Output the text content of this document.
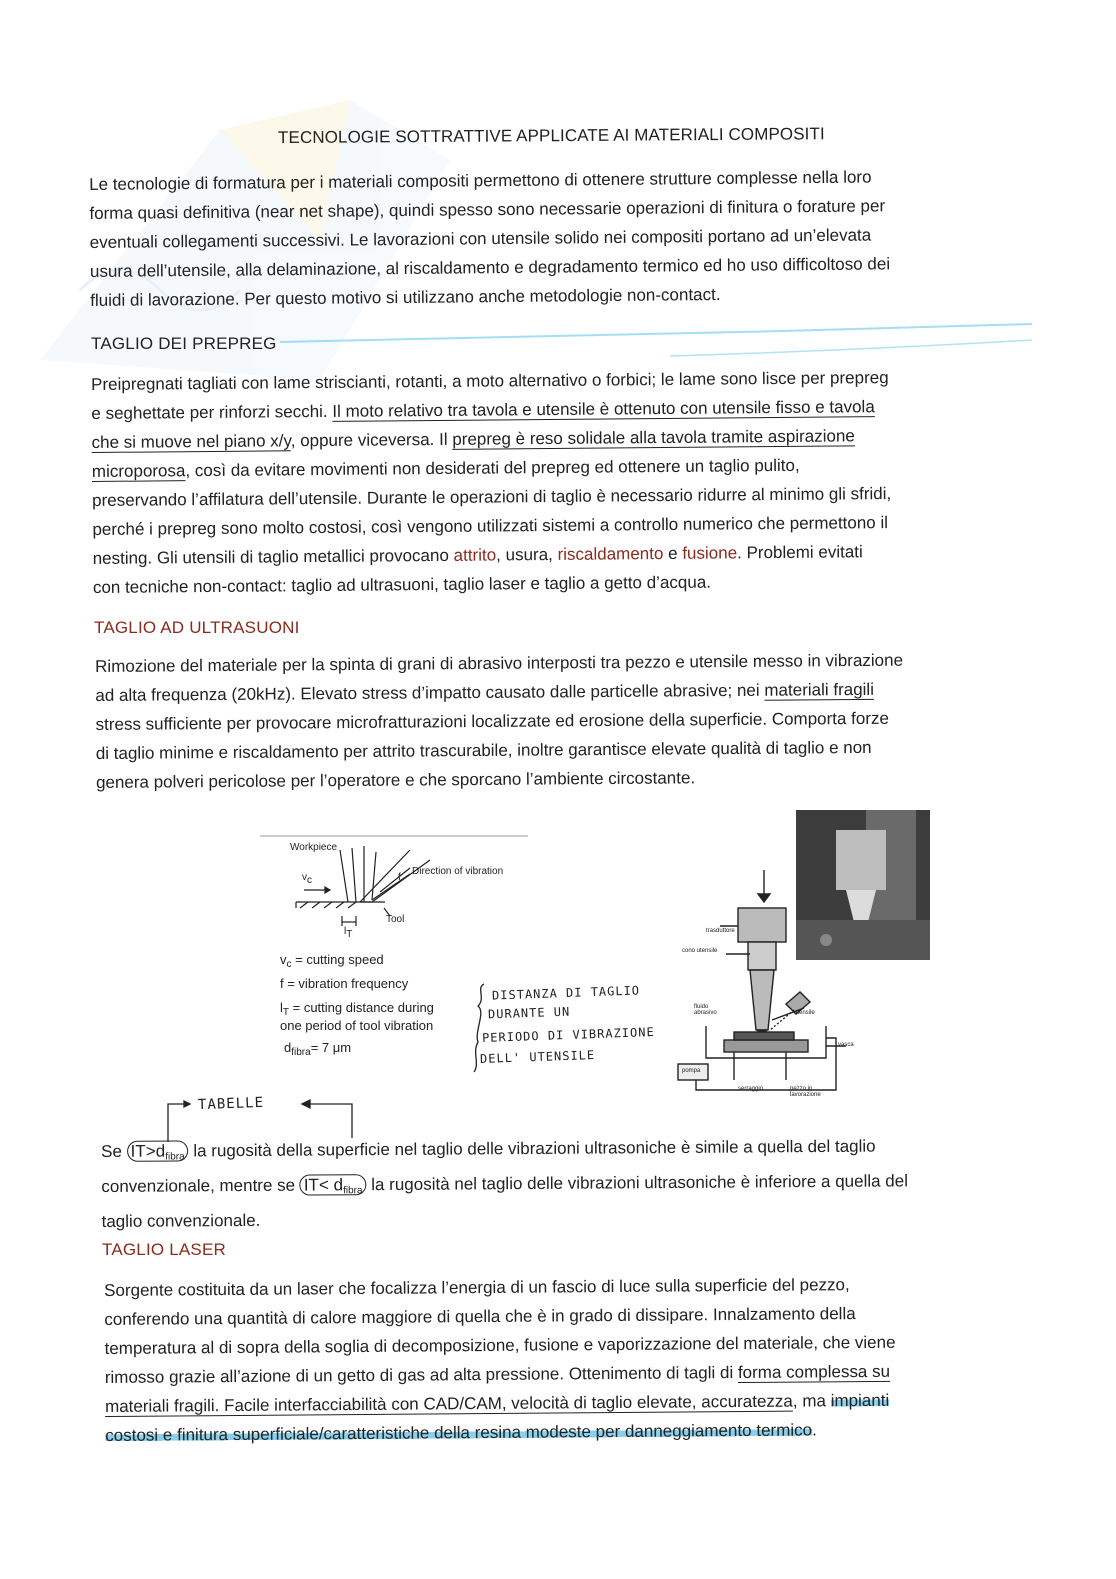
TECNOLOGIE SOTTRATTIVE APPLICATE AI MATERIALI COMPOSITI
Le tecnologie di formatura per i materiali compositi permettono di ottenere strutture complesse nella loro
forma quasi definitiva (near net shape), quindi spesso sono necessarie operazioni di finitura o forature per
eventuali collegamenti successivi. Le lavorazioni con utensile solido nei compositi portano ad un’elevata
usura dell’utensile, alla delaminazione, al riscaldamento e degradamento termico ed ho uso difficoltoso dei
fluidi di lavorazione. Per questo motivo si utilizzano anche metodologie non-contact.
TAGLIO DEI PREPREG
Preipregnati tagliati con lame striscianti, rotanti, a moto alternativo o forbici; le lame sono lisce per prepreg
e seghettate per rinforzi secchi. Il moto relativo tra tavola e utensile è ottenuto con utensile fisso e tavola
che si muove nel piano x/y, oppure viceversa. Il prepreg è reso solidale alla tavola tramite aspirazione
microporosa, così da evitare movimenti non desiderati del prepreg ed ottenere un taglio pulito,
preservando l’affilatura dell’utensile. Durante le operazioni di taglio è necessario ridurre al minimo gli sfridi,
perché i prepreg sono molto costosi, così vengono utilizzati sistemi a controllo numerico che permettono il
nesting. Gli utensili di taglio metallici provocano attrito, usura, riscaldamento e fusione. Problemi evitati
con tecniche non-contact: taglio ad ultrasuoni, taglio laser e taglio a getto d’acqua.
TAGLIO AD ULTRASUONI
Rimozione del materiale per la spinta di grani di abrasivo interposti tra pezzo e utensile messo in vibrazione
ad alta frequenza (20kHz). Elevato stress d’impatto causato dalle particelle abrasive; nei materiali fragili
stress sufficiente per provocare microfratturazioni localizzate ed erosione della superficie. Comporta forze
di taglio minime e riscaldamento per attrito trascurabile, inoltre garantisce elevate qualità di taglio e non
genera polveri pericolose per l’operatore e che sporcano l’ambiente circostante.
Workpiece
vc
Direction of vibration
f
Tool
lT
$v_c$ = cutting speed
f = vibration frequency
$l_T$ = cutting distance during
one period of tool vibration
$d_{fibra}= 7$ μm
DISTANZA DI TAGLIO
DURANTE UN
PERIODO DI VIBRAZIONE
DELL' UTENSILE
trasduttore
cono utensile
fluido abrasivo	utensile
vasca
pompa
serraggio	pezzo in lavorazione
TABELLE
Se $IT>d_{fibra}$ la rugosità della superficie nel taglio delle vibrazioni ultrasoniche è simile a quella del taglio
convenzionale, mentre se $IT< d_{fibra}$ la rugosità nel taglio delle vibrazioni ultrasoniche è inferiore a quella del
taglio convenzionale.
TAGLIO LASER
Sorgente costituita da un laser che focalizza l’energia di un fascio di luce sulla superficie del pezzo,
conferendo una quantità di calore maggiore di quella che è in grado di dissipare. Innalzamento della
temperatura al di sopra della soglia di decomposizione, fusione e vaporizzazione del materiale, che viene
rimosso grazie all’azione di un getto di gas ad alta pressione. Ottenimento di tagli di forma complessa su
materiali fragili. Facile interfacciabilità con CAD/CAM, velocità di taglio elevate, accuratezza, ma impianti
costosi e finitura superficiale/caratteristiche della resina modeste per danneggiamento termico.
